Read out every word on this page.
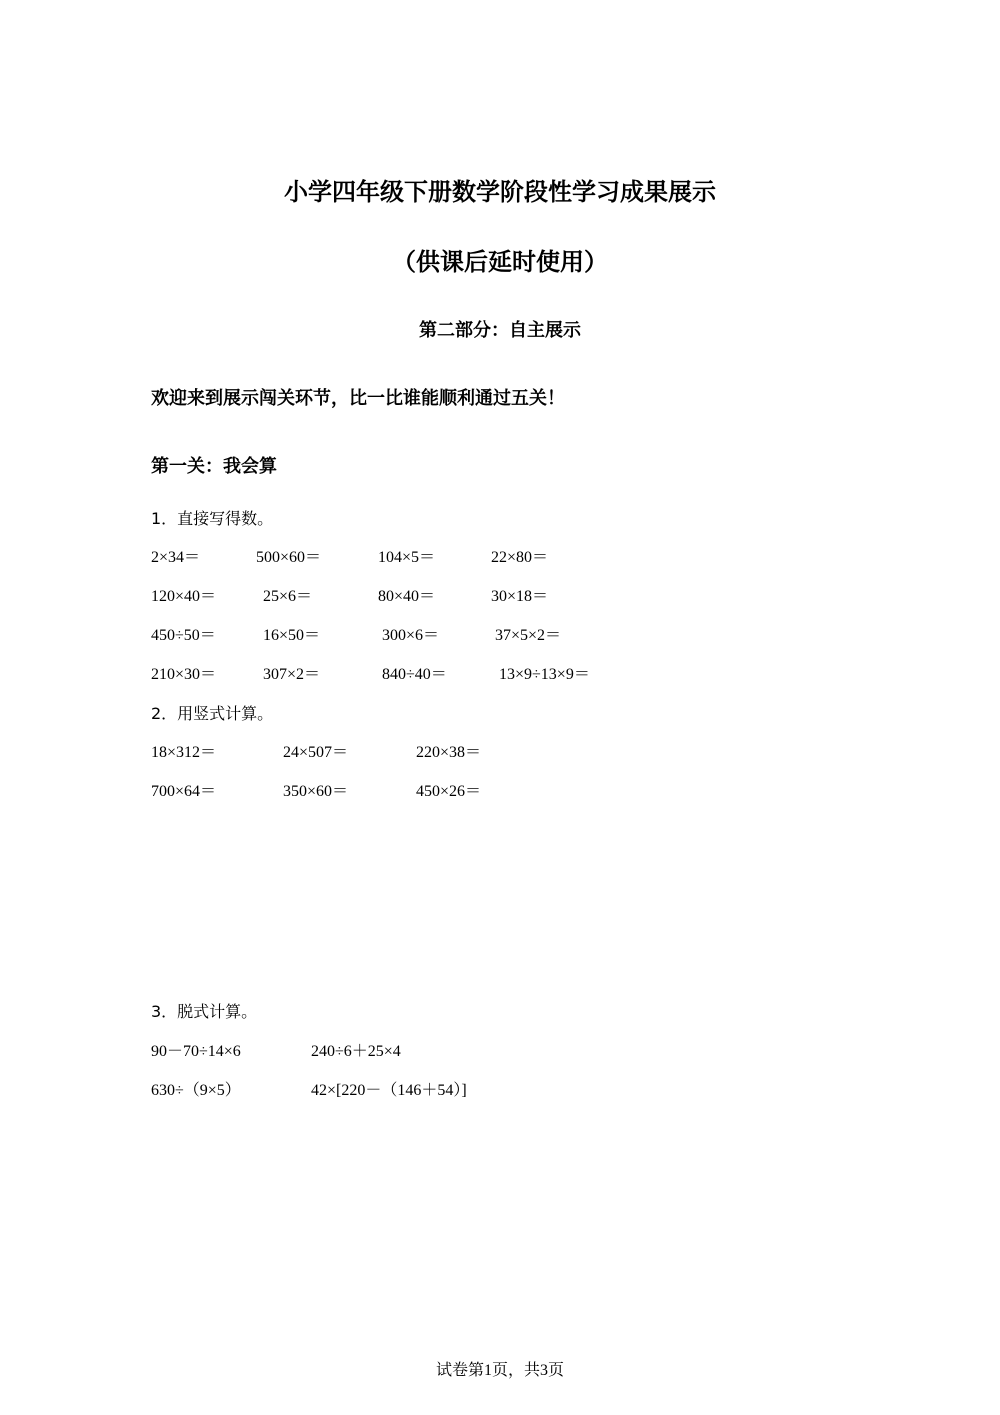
小学四年级下册数学阶段性学习成果展示
（供课后延时使用）
第二部分：自主展示
欢迎来到展示闯关环节，比一比谁能顺利通过五关！
第一关：我会算
1．直接写得数。
2×34＝	500×60＝	104×5＝	22×80＝
120×40＝	25×6＝	80×40＝	30×18＝
450÷50＝	16×50＝	300×6＝	37×5×2＝
210×30＝	307×2＝	840÷40＝	13×9÷13×9＝
2．用竖式计算。
18×312＝	24×507＝	220×38＝
700×64＝	350×60＝	450×26＝
3．脱式计算。
90－70÷14×6	240÷6＋25×4
630÷（9×5）	42×[220－（146＋54）]
试卷第1页，共3页
